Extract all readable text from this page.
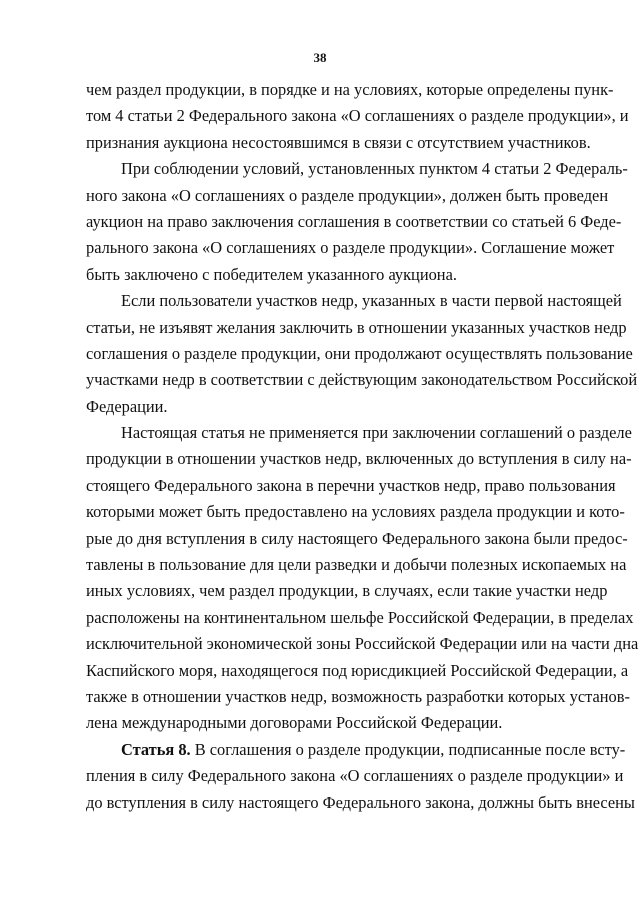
38
чем раздел продукции, в порядке и на условиях, которые определены пунк-
том 4 статьи 2 Федерального закона «О соглашениях о разделе продукции», и
признания аукциона несостоявшимся в связи с отсутствием участников.
При соблюдении условий, установленных пунктом 4 статьи 2 Федераль-
ного закона «О соглашениях о разделе продукции», должен быть проведен
аукцион на право заключения соглашения в соответствии со статьей 6 Феде-
рального закона «О соглашениях о разделе продукции». Соглашение может
быть заключено с победителем указанного аукциона.
Если пользователи участков недр, указанных в части первой настоящей
статьи, не изъявят желания заключить в отношении указанных участков недр
соглашения о разделе продукции, они продолжают осуществлять пользование
участками недр в соответствии с действующим законодательством Российской
Федерации.
Настоящая статья не применяется при заключении соглашений о разделе
продукции в отношении участков недр, включенных до вступления в силу на-
стоящего Федерального закона в перечни участков недр, право пользования
которыми может быть предоставлено на условиях раздела продукции и кото-
рые до дня вступления в силу настоящего Федерального закона были предос-
тавлены в пользование для цели разведки и добычи полезных ископаемых на
иных условиях, чем раздел продукции, в случаях, если такие участки недр
расположены на континентальном шельфе Российской Федерации, в пределах
исключительной экономической зоны Российской Федерации или на части дна
Каспийского моря, находящегося под юрисдикцией Российской Федерации, а
также в отношении участков недр, возможность разработки которых установ-
лена международными договорами Российской Федерации.
Статья 8. В соглашения о разделе продукции, подписанные после всту-
пления в силу Федерального закона «О соглашениях о разделе продукции» и
до вступления в силу настоящего Федерального закона, должны быть внесены
